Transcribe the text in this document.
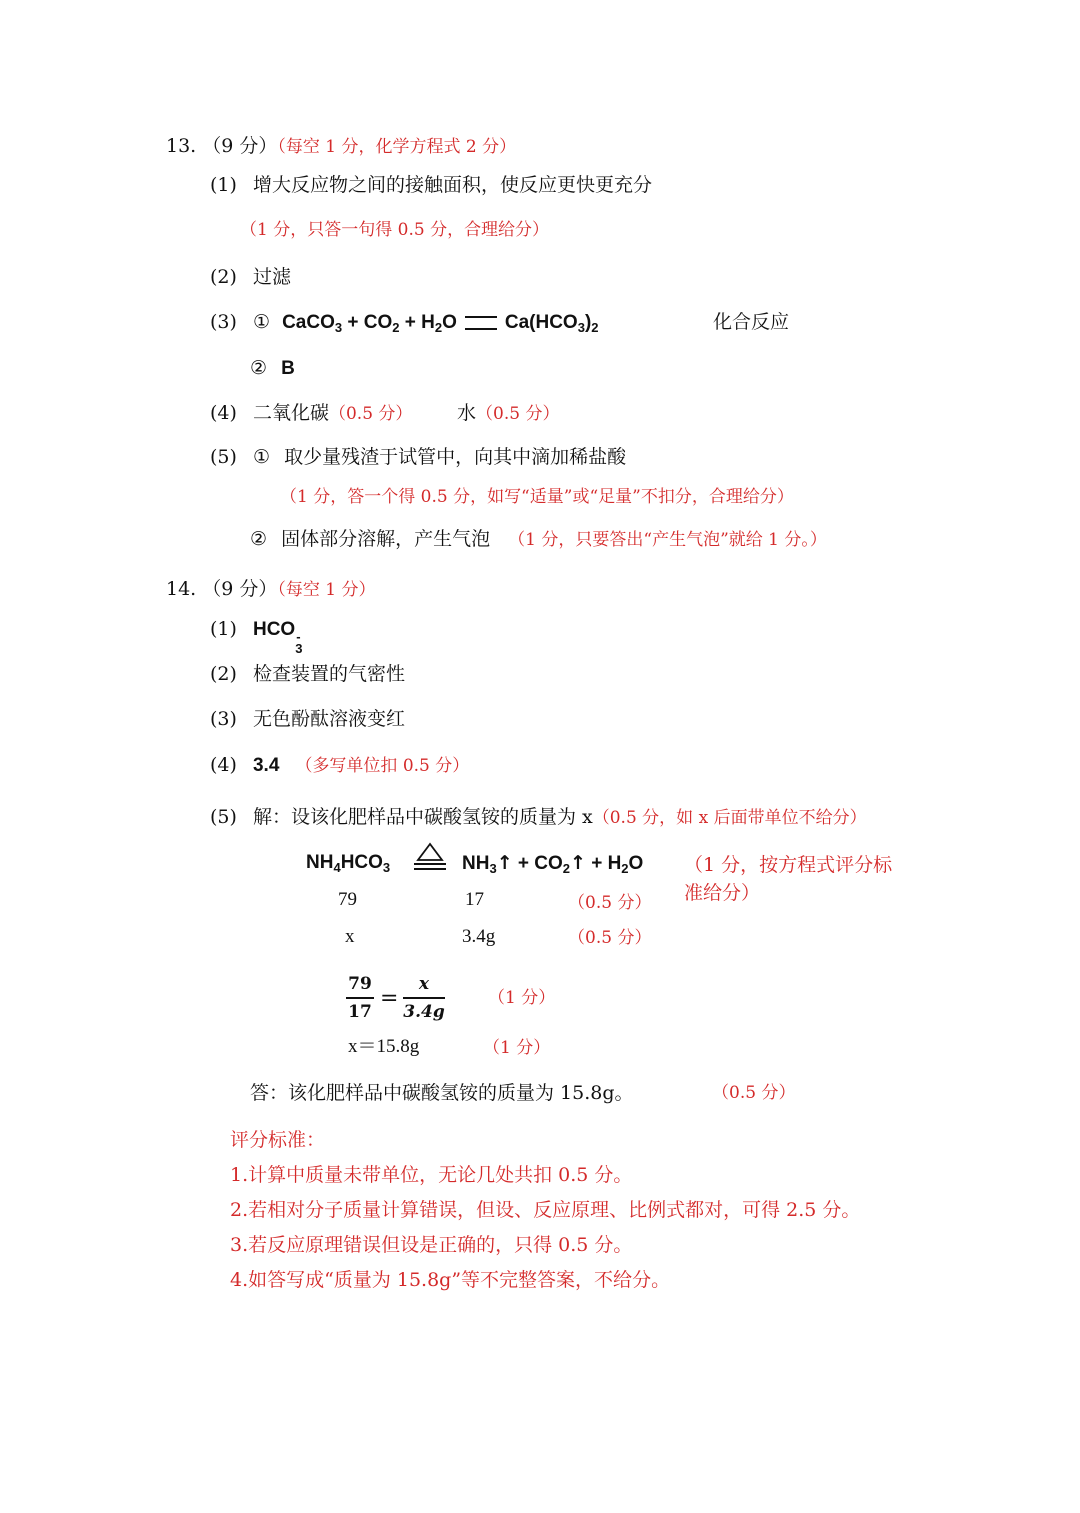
13. （9 分）（每空 1 分，化学方程式 2 分）
(1) 增大反应物之间的接触面积，使反应更快更充分
（1 分，只答一句得 0.5 分，合理给分）
(2) 过滤
(3) ① CaCO$_3$ + $CO_2 + H_2O$	$Ca(HCO_3)_2$	化合反应
② B
(4) 二氧化碳（0.5 分） 水（0.5 分）
(5) ① 取少量残渣于试管中，向其中滴加稀盐酸
（1 分，答一个得 0.5 分，如写“适量”或“足量”不扣分，合理给分）
② 固体部分溶解，产生气泡 （1 分，只要答出“产生气泡”就给 1 分。）
14. （9 分）（每空 1 分）
(1) HCO
3
-
(2) 检查装置的气密性
(3) 无色酚酞溶液变红
(4) 3.4 （多写单位扣 0.5 分）
(5) 解：设该化肥样品中碳酸氢铵的质量为 x（0.5 分，如 x 后面带单位不给分）
$NH_4HCO_3$	$NH_3↑$ + $CO_2↑ + H_2O$ （1 分，按方程式评分标
准给分）
79	17	（0.5 分）
x	3.4g	（0.5 分）
79
17
=
x
3.4g
（1 分）
x＝15.8g	（1 分）
答：该化肥样品中碳酸氢铵的质量为 15.8g。	（0.5 分）
评分标准：
1.计算中质量未带单位，无论几处共扣 0.5 分。
2.若相对分子质量计算错误，但设、反应原理、比例式都对，可得 2.5 分。
3.若反应原理错误但设是正确的，只得 0.5 分。
4.如答写成“质量为 15.8g”等不完整答案，不给分。
